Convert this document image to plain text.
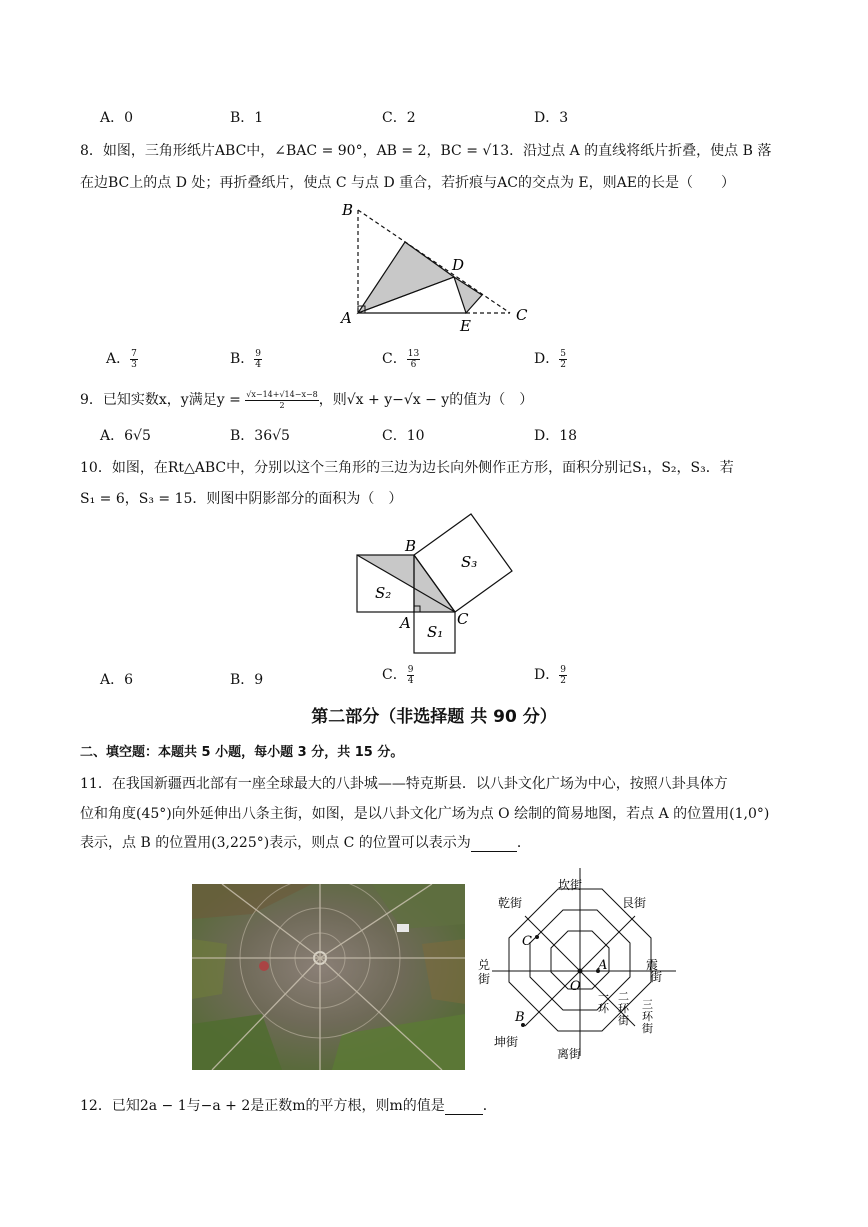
A．0	B．1	C．2	D．3
8．如图，三角形纸片ABC中，∠BAC = 90°，AB = 2，BC = √13．沿过点 A 的直线将纸片折叠，使点 B 落
在边BC上的点 D 处；再折叠纸片，使点 C 与点 D 重合，若折痕与AC的交点为 E，则AE的长是（　　）
B
D
A	E
C
A． $\frac{7}{3}$	B． $\frac{9}{4}$	C． $\frac{13}{6}$	D． $\frac{5}{2}$
9．已知实数x，y满足$y = \frac{√x-14+√14-x-8}{2}$ ，则√x + y−√x − y的值为（　）
A．6√5	B．36√5	C．10	D．18
10．如图，在Rt△ABC中，分别以这个三角形的三边为边长向外侧作正方形，面积分别记S₁，S₂，S₃．若
S₁ = 6，S₃ = 15．则图中阴影部分的面积为（　）
B
A	C
S₂
S₁
S₃
A．6	B．9	C． $\frac{9}{4}$	D． $\frac{9}{2}$
第二部分（非选择题 共 90 分）
二、填空题：本题共 5 小题，每小题 3 分，共 15 分。
11．在我国新疆西北部有一座全球最大的八卦城——特克斯县．以八卦文化广场为中心，按照八卦具体方
位和角度(45°)向外延伸出八条主街，如图，是以八卦文化广场为点 O 绘制的简易地图，若点 A 的位置用(1,0°)
表示，点 B 的位置用(3,225°)表示，则点 C 的位置可以表示为	．
坎街
艮街
乾街
震街
兑
街
坤街
离街
一环
二环街
三环街
O
A
B
C
12．已知2a − 1与−a + 2是正数m的平方根，则m的值是	．
